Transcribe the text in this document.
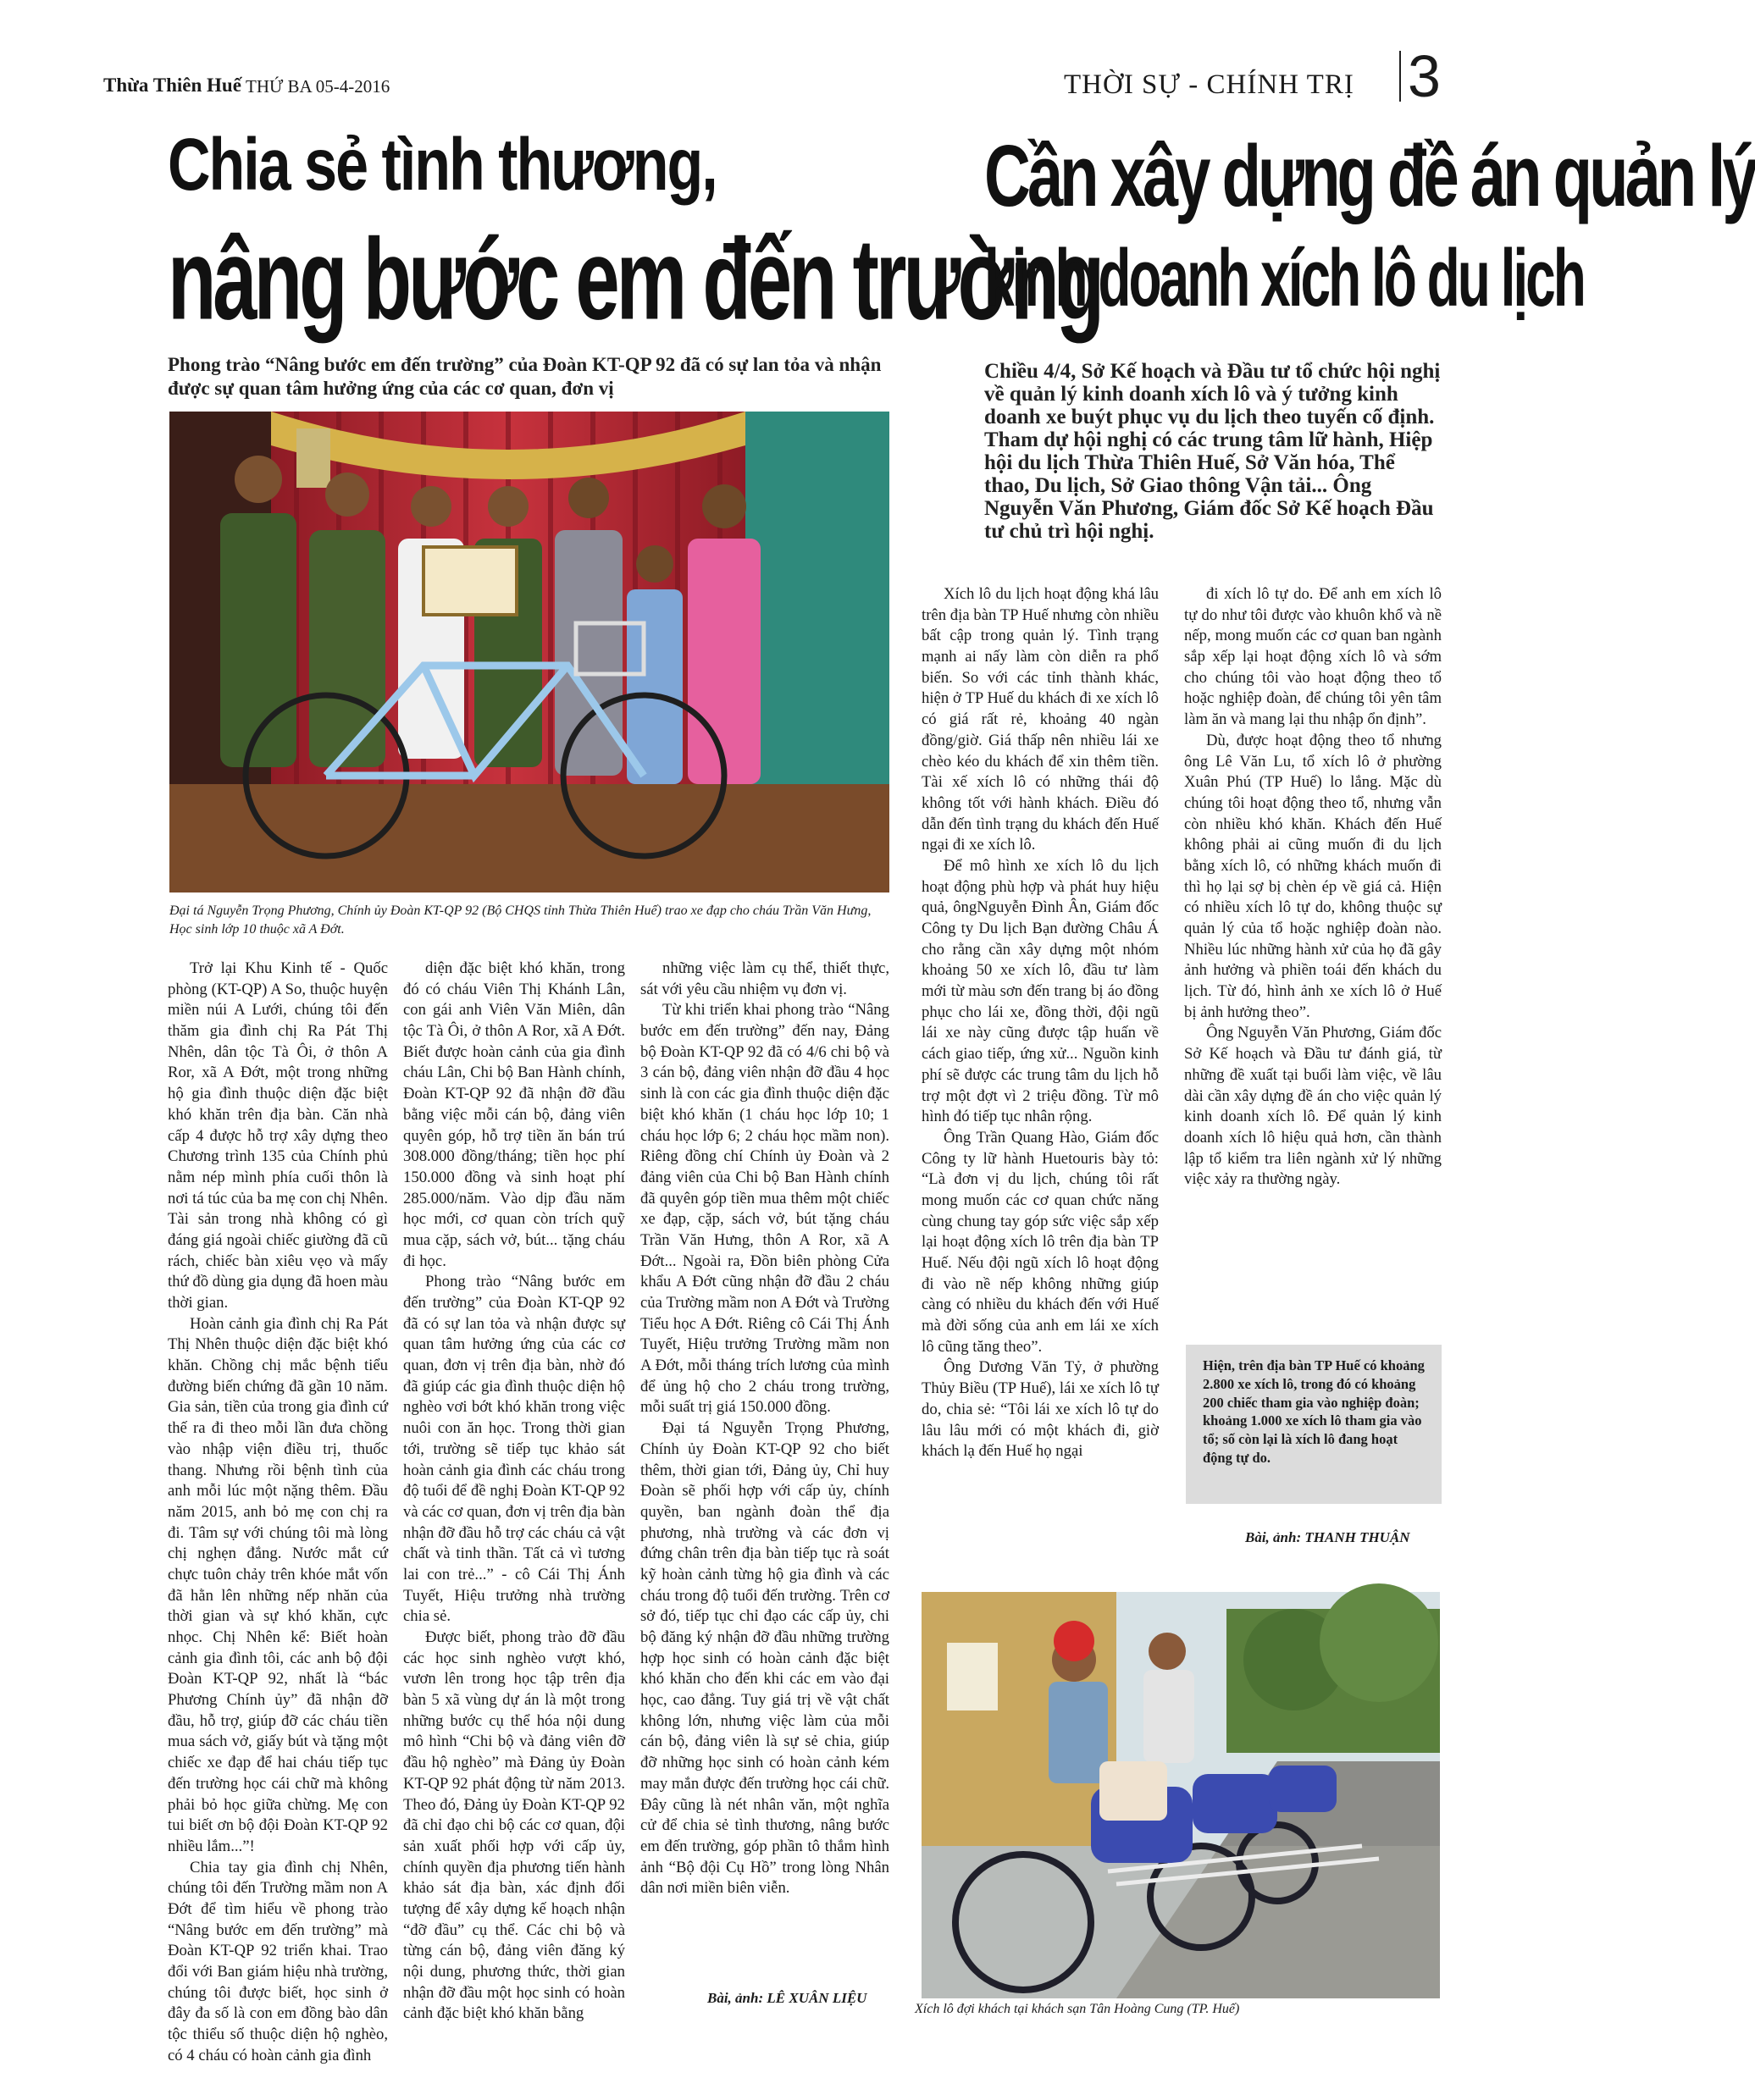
Thừa Thiên Huế THỨ BA 05-4-2016	THỜI SỰ - CHÍNH TRỊ 3
Chia sẻ tình thương,
nâng bước em đến trường
Phong trào “Nâng bước em đến trường” của Đoàn KT-QP 92 đã có sự lan tỏa và nhận được sự quan tâm hưởng ứng của các cơ quan, đơn vị
Cần xây dựng đề án quản lý
kinh doanh xích lô du lịch
Chiều 4/4, Sở Kế hoạch và Đầu tư tổ chức hội nghị về quản lý kinh doanh xích lô và ý tưởng kinh doanh xe buýt phục vụ du lịch theo tuyến cố định. Tham dự hội nghị có các trung tâm lữ hành, Hiệp hội du lịch Thừa Thiên Huế, Sở Văn hóa, Thể thao, Du lịch, Sở Giao thông Vận tải... Ông Nguyễn Văn Phương, Giám đốc Sở Kế hoạch Đầu tư chủ trì hội nghị.
Đại tá Nguyễn Trọng Phương, Chính ủy Đoàn KT-QP 92 (Bộ CHQS tỉnh Thừa Thiên Huế) trao xe đạp cho cháu Trần Văn Hưng, Học sinh lớp 10 thuộc xã A Đớt.

Trở lại Khu Kinh tế - Quốc phòng (KT-QP) A So, thuộc huyện miền núi A Lưới, chúng tôi đến thăm gia đình chị Ra Pát Thị Nhên, dân tộc Tà Ôi, ở thôn A Ror, xã A Đớt, một trong những hộ gia đình thuộc diện đặc biệt khó khăn trên địa bàn. Căn nhà cấp 4 được hỗ trợ xây dựng theo Chương trình 135 của Chính phủ nằm nép mình phía cuối thôn là nơi tá túc của ba mẹ con chị Nhên. Tài sản trong nhà không có gì đáng giá ngoài chiếc giường đã cũ rách, chiếc bàn xiêu vẹo và mấy thứ đồ dùng gia dụng đã hoen màu thời gian.

Hoàn cảnh gia đình chị Ra Pát Thị Nhên thuộc diện đặc biệt khó khăn. Chồng chị mắc bệnh tiểu đường biến chứng đã gần 10 năm. Gia sản, tiền của trong gia đình cứ thế ra đi theo mỗi lần đưa chồng vào nhập viện điều trị, thuốc thang. Nhưng rồi bệnh tình của anh mỗi lúc một nặng thêm. Đầu năm 2015, anh bỏ mẹ con chị ra đi. Tâm sự với chúng tôi mà lòng chị nghẹn đắng. Nước mắt cứ chực tuôn chảy trên khóe mắt vốn đã hằn lên những nếp nhăn của thời gian và sự khó khăn, cực nhọc. Chị Nhên kể: Biết hoàn cảnh gia đình tôi, các anh bộ đội Đoàn KT-QP 92, nhất là “bác Phương Chính ủy” đã nhận đỡ đầu, hỗ trợ, giúp đỡ các cháu tiền mua sách vở, giấy bút và tặng một chiếc xe đạp để hai cháu tiếp tục đến trường học cái chữ mà không phải bỏ học giữa chừng. Mẹ con tui biết ơn bộ đội Đoàn KT-QP 92 nhiều lắm...”!

Chia tay gia đình chị Nhên, chúng tôi đến Trường mầm non A Đớt để tìm hiểu về phong trào “Nâng bước em đến trường” mà Đoàn KT-QP 92 triển khai. Trao đổi với Ban giám hiệu nhà trường, chúng tôi được biết, học sinh ở đây đa số là con em đồng bào dân tộc thiểu số thuộc diện hộ nghèo, có 4 cháu có hoàn cảnh gia đình

diện đặc biệt khó khăn, trong đó có cháu Viên Thị Khánh Lân, con gái anh Viên Văn Miên, dân tộc Tà Ôi, ở thôn A Ror, xã A Đớt. Biết được hoàn cảnh của gia đình cháu Lân, Chi bộ Ban Hành chính, Đoàn KT-QP 92 đã nhận đỡ đầu bằng việc mỗi cán bộ, đảng viên quyên góp, hỗ trợ tiền ăn bán trú 308.000 đồng/tháng; tiền học phí 150.000 đồng và sinh hoạt phí 285.000/năm. Vào dịp đầu năm học mới, cơ quan còn trích quỹ mua cặp, sách vở, bút... tặng cháu đi học.

Phong trào “Nâng bước em đến trường” của Đoàn KT-QP 92 đã có sự lan tỏa và nhận được sự quan tâm hưởng ứng của các cơ quan, đơn vị trên địa bàn, nhờ đó đã giúp các gia đình thuộc diện hộ nghèo vơi bớt khó khăn trong việc nuôi con ăn học. Trong thời gian tới, trường sẽ tiếp tục khảo sát hoàn cảnh gia đình các cháu trong độ tuổi để đề nghị Đoàn KT-QP 92 và các cơ quan, đơn vị trên địa bàn nhận đỡ đầu hỗ trợ các cháu cả vật chất và tinh thần. Tất cả vì tương lai con trẻ...” - cô Cái Thị Ánh Tuyết, Hiệu trưởng nhà trường chia sẻ.

Được biết, phong trào đỡ đầu các học sinh nghèo vượt khó, vươn lên trong học tập trên địa bàn 5 xã vùng dự án là một trong những bước cụ thể hóa nội dung mô hình “Chi bộ và đảng viên đỡ đầu hộ nghèo” mà Đảng ủy Đoàn KT-QP 92 phát động từ năm 2013. Theo đó, Đảng ủy Đoàn KT-QP 92 đã chỉ đạo chi bộ các cơ quan, đội sản xuất phối hợp với cấp ủy, chính quyền địa phương tiến hành khảo sát địa bàn, xác định đối tượng để xây dựng kế hoạch nhận “đỡ đầu” cụ thể. Các chi bộ và từng cán bộ, đảng viên đăng ký nội dung, phương thức, thời gian nhận đỡ đầu một học sinh có hoàn cảnh đặc biệt khó khăn bằng

những việc làm cụ thể, thiết thực, sát với yêu cầu nhiệm vụ đơn vị.

Từ khi triển khai phong trào “Nâng bước em đến trường” đến nay, Đảng bộ Đoàn KT-QP 92 đã có 4/6 chi bộ và 3 cán bộ, đảng viên nhận đỡ đầu 4 học sinh là con các gia đình thuộc diện đặc biệt khó khăn (1 cháu học lớp 10; 1 cháu học lớp 6; 2 cháu học mầm non). Riêng đồng chí Chính ủy Đoàn và 2 đảng viên của Chi bộ Ban Hành chính đã quyên góp tiền mua thêm một chiếc xe đạp, cặp, sách vở, bút tặng cháu Trần Văn Hưng, thôn A Ror, xã A Đớt... Ngoài ra, Đồn biên phòng Cửa khẩu A Đớt cũng nhận đỡ đầu 2 cháu của Trường mầm non A Đớt và Trường Tiểu học A Đớt. Riêng cô Cái Thị Ánh Tuyết, Hiệu trưởng Trường mầm non A Đớt, mỗi tháng trích lương của mình để ủng hộ cho 2 cháu trong trường, mỗi suất trị giá 150.000 đồng.

Đại tá Nguyễn Trọng Phương, Chính ủy Đoàn KT-QP 92 cho biết thêm, thời gian tới, Đảng ủy, Chỉ huy Đoàn sẽ phối hợp với cấp ủy, chính quyền, ban ngành đoàn thể địa phương, nhà trường và các đơn vị đứng chân trên địa bàn tiếp tục rà soát kỹ hoàn cảnh từng hộ gia đình và các cháu trong độ tuổi đến trường. Trên cơ sở đó, tiếp tục chỉ đạo các cấp ủy, chi bộ đăng ký nhận đỡ đầu những trường hợp học sinh có hoàn cảnh đặc biệt khó khăn cho đến khi các em vào đại học, cao đẳng. Tuy giá trị về vật chất không lớn, nhưng việc làm của mỗi cán bộ, đảng viên là sự sẻ chia, giúp đỡ những học sinh có hoàn cảnh kém may mắn được đến trường học cái chữ. Đây cũng là nét nhân văn, một nghĩa cử để chia sẻ tình thương, nâng bước em đến trường, góp phần tô thắm hình ảnh “Bộ đội Cụ Hồ” trong lòng Nhân dân nơi miền biên viễn.

Bài, ảnh: LÊ XUÂN LIỆU

Xích lô du lịch hoạt động khá lâu trên địa bàn TP Huế nhưng còn nhiều bất cập trong quản lý. Tình trạng mạnh ai nấy làm còn diễn ra phổ biến. So với các tỉnh thành khác, hiện ở TP Huế du khách đi xe xích lô có giá rất rẻ, khoảng 40 ngàn đồng/giờ. Giá thấp nên nhiều lái xe chèo kéo du khách để xin thêm tiền. Tài xế xích lô có những thái độ không tốt với hành khách. Điều đó dẫn đến tình trạng du khách đến Huế ngại đi xe xích lô.

Để mô hình xe xích lô du lịch hoạt động phù hợp và phát huy hiệu quả, ôngNguyễn Đình Ân, Giám đốc Công ty Du lịch Bạn đường Châu Á cho rằng cần xây dựng một nhóm khoảng 50 xe xích lô, đầu tư làm mới từ màu sơn đến trang bị áo đồng phục cho lái xe, đồng thời, đội ngũ lái xe này cũng được tập huấn về cách giao tiếp, ứng xử... Nguồn kinh phí sẽ được các trung tâm du lịch hỗ trợ một đợt vì 2 triệu đồng. Từ mô hình đó tiếp tục nhân rộng.

Ông Trần Quang Hào, Giám đốc Công ty lữ hành Huetouris bày tỏ: “Là đơn vị du lịch, chúng tôi rất mong muốn các cơ quan chức năng cùng chung tay góp sức việc sắp xếp lại hoạt động xích lô trên địa bàn TP Huế. Nếu đội ngũ xích lô hoạt động đi vào nề nếp không những giúp càng có nhiều du khách đến với Huế mà đời sống của anh em lái xe xích lô cũng tăng theo”.

Ông Dương Văn Tỷ, ở phường Thủy Biều (TP Huế), lái xe xích lô tự do, chia sẻ: “Tôi lái xe xích lô tự do lâu lâu mới có một khách đi, giờ khách lạ đến Huế họ ngại

đi xích lô tự do. Để anh em xích lô tự do như tôi được vào khuôn khổ và nề nếp, mong muốn các cơ quan ban ngành sắp xếp lại hoạt động xích lô và sớm cho chúng tôi vào hoạt động theo tổ hoặc nghiệp đoàn, để chúng tôi yên tâm làm ăn và mang lại thu nhập ổn định”.

Dù, được hoạt động theo tổ nhưng ông Lê Văn Lu, tổ xích lô ở phường Xuân Phú (TP Huế) lo lắng. Mặc dù chúng tôi hoạt động theo tổ, nhưng vẫn còn nhiều khó khăn. Khách đến Huế không phải ai cũng muốn đi du lịch bằng xích lô, có những khách muốn đi thì họ lại sợ bị chèn ép về giá cả. Hiện có nhiều xích lô tự do, không thuộc sự quản lý của tổ hoặc nghiệp đoàn nào. Nhiều lúc những hành xử của họ đã gây ảnh hưởng và phiền toái đến khách du lịch. Từ đó, hình ảnh xe xích lô ở Huế bị ảnh hưởng theo”.

Ông Nguyễn Văn Phương, Giám đốc Sở Kế hoạch và Đầu tư đánh giá, từ những đề xuất tại buổi làm việc, về lâu dài cần xây dựng đề án cho việc quản lý kinh doanh xích lô. Để quản lý kinh doanh xích lô hiệu quả hơn, cần thành lập tổ kiểm tra liên ngành xử lý những việc xảy ra thường ngày.

Hiện, trên địa bàn TP Huế có khoảng 2.800 xe xích lô, trong đó có khoảng 200 chiếc tham gia vào nghiệp đoàn; khoảng 1.000 xe xích lô tham gia vào tổ; số còn lại là xích lô đang hoạt động tự do.
Bài, ảnh: THANH THUẬN
Xích lô đợi khách tại khách sạn Tân Hoàng Cung (TP. Huế)
